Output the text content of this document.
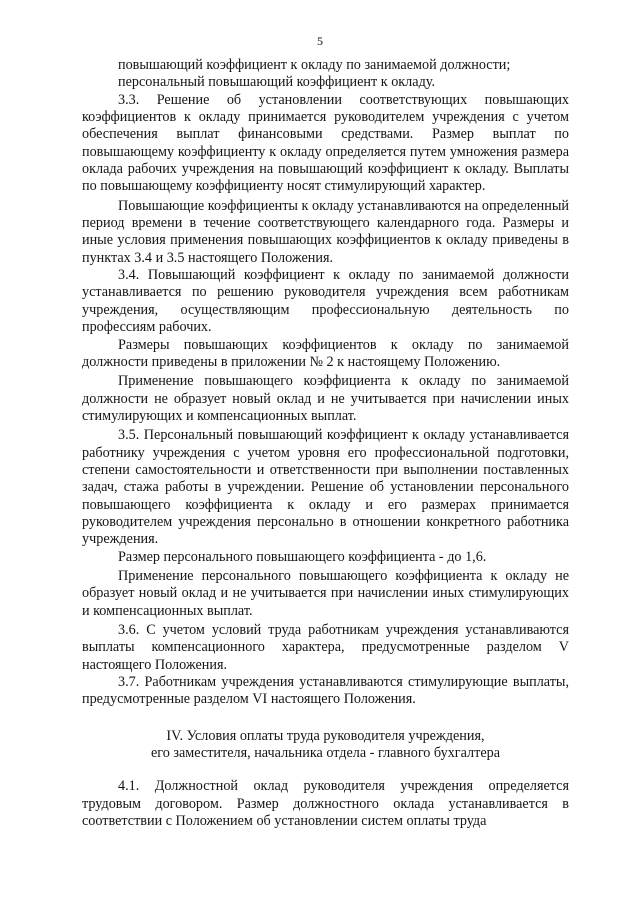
5

повышающий коэффициент к окладу по занимаемой должности;

персональный повышающий коэффициент к окладу.

3.3. Решение об установлении соответствующих повышающих коэффициентов к окладу принимается руководителем учреждения с учетом обеспечения выплат финансовыми средствами. Размер выплат по повышающему коэффициенту к окладу определяется путем умножения размера оклада рабочих учреждения на повышающий коэффициент к окладу. Выплаты по повышающему коэффициенту носят стимулирующий характер.

Повышающие коэффициенты к окладу устанавливаются на определенный период времени в течение соответствующего календарного года. Размеры и иные условия применения повышающих коэффициентов к окладу приведены в пунктах 3.4 и 3.5 настоящего Положения.

3.4. Повышающий коэффициент к окладу по занимаемой должности устанавливается по решению руководителя учреждения всем работникам учреждения, осуществляющим профессиональную деятельность по профессиям рабочих.

Размеры повышающих коэффициентов к окладу по занимаемой должности приведены в приложении № 2 к настоящему Положению.

Применение повышающего коэффициента к окладу по занимаемой должности не образует новый оклад и не учитывается при начислении иных стимулирующих и компенсационных выплат.

3.5. Персональный повышающий коэффициент к окладу устанавливается работнику учреждения с учетом уровня его профессиональной подготовки, степени самостоятельности и ответственности при выполнении поставленных задач, стажа работы в учреждении. Решение об установлении персонального повышающего коэффициента к окладу и его размерах принимается руководителем учреждения персонально в отношении конкретного работника учреждения.

Размер персонального повышающего коэффициента - до 1,6.

Применение персонального повышающего коэффициента к окладу не образует новый оклад и не учитывается при начислении иных стимулирующих и компенсационных выплат.

3.6. С учетом условий труда работникам учреждения устанавливаются выплаты компенсационного характера, предусмотренные разделом V настоящего Положения.

3.7. Работникам учреждения устанавливаются стимулирующие выплаты, предусмотренные разделом VI настоящего Положения.

IV. Условия оплаты труда руководителя учреждения,
его заместителя, начальника отдела - главного бухгалтера

4.1. Должностной оклад руководителя учреждения определяется трудовым договором. Размер должностного оклада устанавливается в соответствии с Положением об установлении систем оплаты труда
